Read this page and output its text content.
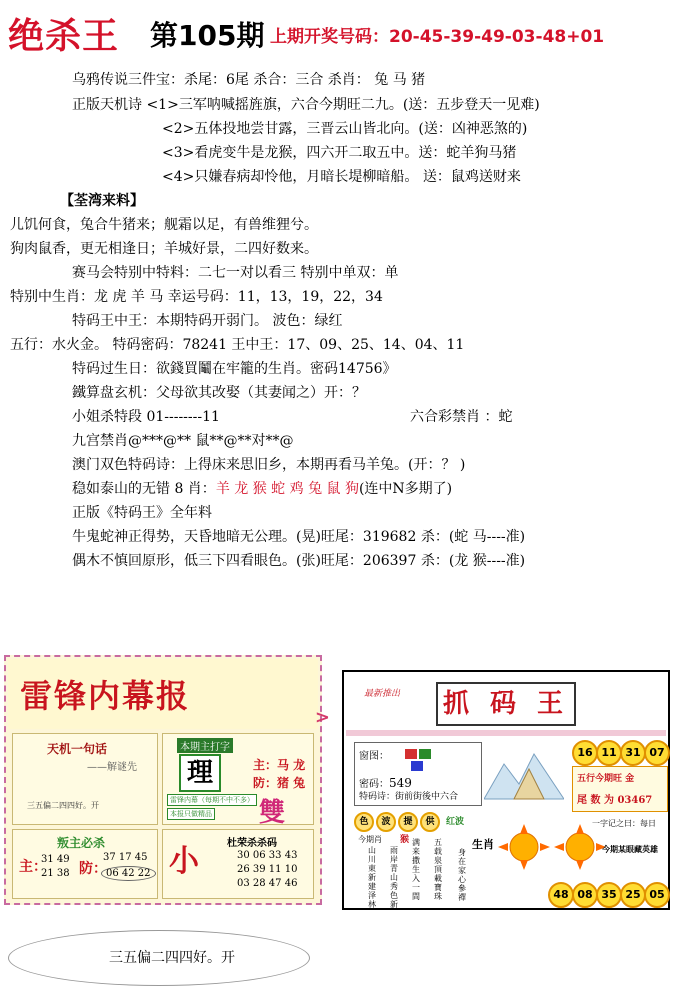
绝杀王 第105期 上期开奖号码：20-45-39-49-03-48+01
乌鸦传说三件宝：杀尾：6尾 杀合：三合 杀肖： 兔 马 猪
正版天机诗 <1>三军呐喊摇旌旗，六合今期旺二九。(送：五步登天一见难)
<2>五体投地尝甘露，三晋云山皆北向。(送：凶神恶煞的)
<3>看虎变牛是龙猴，四六开二取五中。送：蛇羊狗马猪
<4>只嫌春病却怜他，月暗长堤柳暗船。 送：鼠鸡送财来
【荃湾来料】
儿饥何食，兔合牛猪来；舰霜以足，有兽维狸兮。
狗肉鼠香，更无相逢日；羊城好景，二四好数来。
赛马会特别中特料：二七一对以看三 特别中单双：单
特别中生肖：龙 虎 羊 马 幸运号码：11，13，19，22，34
特码王中王：本期特码开弱门。 波色：绿红
五行：水火金。 特码密码：78241 王中王：17、09、25、14、04、11
特码过生日：欲錢買鬮在牢籠的生肖。密码14756》
鐵算盘玄机：父母欲其改娶（其妻闻之）开：？
小姐杀特段 01--------11	六合彩禁肖 ：蛇
九宫禁肖@***@** 鼠**@**对**@
澳门双色特码诗：上得床来思旧乡，本期再看马羊兔。(开：？ )
稳如泰山的无错 8 肖：羊 龙 猴 蛇 鸡 兔 鼠 狗(连中N多期了)
正版《特码王》全年料
牛鬼蛇神正得势，天昏地暗无公理。(晃)旺尾：319682 杀：(蛇 马----准)
偶木不慎回原形，低三下四看眼色。(张)旺尾：206397 杀：(龙 猴----准)
雷锋内幕报
>
天机一句话
——解谜先
三五偏二四四好。开
本期主打字
理	主：马 龙
防：猪 兔
雷锋内幕（每期不中不多）
本报只做精品 雙
叛主必杀
主：
31 49
21 38 防：
37 17 45
06 42 22 小
杜荣杀杀码
30 06 33 43
26 39 11 10
03 28 47 46
最新推出 抓 码 王
窗图：
密码：549
特码诗：街前街後中六合
16 11 31 07
五行今期旺 金
尾 数 为 03467
色	波	提	供	红波
今期肖 猴
山川東新建泽林
雨岸青山秀色新
满来撒生入一間
五载泉頂載寶珠
身在家心參禪
生肖
一字记之曰：每日
今期某眼藏英雄
48 08 35 25 05
三五偏二四四好。开
